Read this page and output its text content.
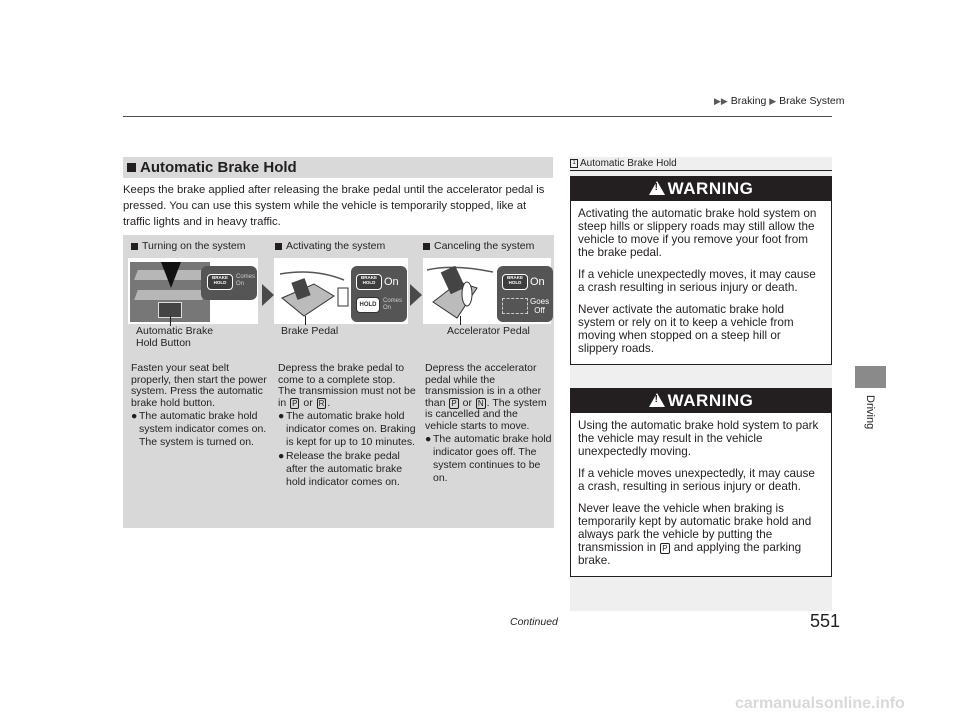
▶▶ Braking ▶ Brake System
Driving
Automatic Brake Hold
Keeps the brake applied after releasing the brake pedal until the accelerator pedal is pressed. You can use this system while the vehicle is temporarily stopped, like at traffic lights and in heavy traffic.
Turning on the system	Activating the system	Canceling the system
BRAKE
HOLD
Comes
On
BRAKE
HOLD On
HOLD
Comes
On
BRAKE
HOLD On
Goes
Off
Automatic Brake
Hold Button
Brake Pedal	Accelerator Pedal
Fasten your seat belt properly, then start the power system. Press the automatic brake hold button.
● The automatic brake hold system indicator comes on. The system is turned on.
Depress the brake pedal to come to a complete stop. The transmission must not be in P or R .
● The automatic brake hold indicator comes on. Braking is kept for up to 10 minutes.
● Release the brake pedal after the automatic brake hold indicator comes on.
Depress the accelerator pedal while the transmission is in a other than P or N . The system is cancelled and the vehicle starts to move.
● The automatic brake hold indicator goes off. The system continues to be on.
1 Automatic Brake Hold
! WARNING

Activating the automatic brake hold system on steep hills or slippery roads may still allow the vehicle to move if you remove your foot from the brake pedal.

If a vehicle unexpectedly moves, it may cause a crash resulting in serious injury or death.

Never activate the automatic brake hold system or rely on it to keep a vehicle from moving when stopped on a steep hill or slippery roads.

! WARNING

Using the automatic brake hold system to park the vehicle may result in the vehicle unexpectedly moving.

If a vehicle moves unexpectedly, it may cause a crash, resulting in serious injury or death.

Never leave the vehicle when braking is temporarily kept by automatic brake hold and always park the vehicle by putting the transmission in P and applying the parking brake.

Continued	551
carmanualsonline.info
